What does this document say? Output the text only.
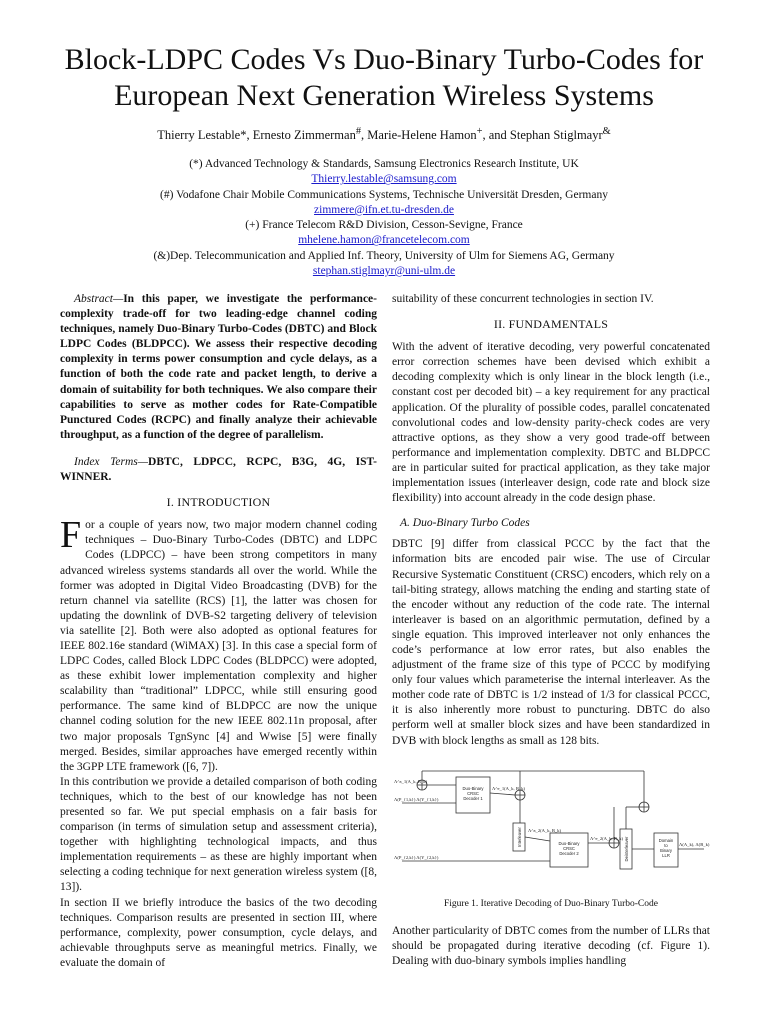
Block-LDPC Codes Vs Duo-Binary Turbo-Codes for European Next Generation Wireless Systems
Thierry Lestable*, Ernesto Zimmerman#, Marie-Helene Hamon+, and Stephan Stiglmayr&
(*) Advanced Technology & Standards, Samsung Electronics Research Institute, UK
Thierry.lestable@samsung.com
(#) Vodafone Chair Mobile Communications Systems, Technische Universität Dresden, Germany
zimmere@ifn.et.tu-dresden.de
(+) France Telecom R&D Division, Cesson-Sevigne, France
mhelene.hamon@francetelecom.com
(&)Dep. Telecommunication and Applied Inf. Theory, University of Ulm for Siemens AG, Germany
stephan.stiglmayr@uni-ulm.de

Abstract—In this paper, we investigate the performance-complexity trade-off for two leading-edge channel coding techniques, namely Duo-Binary Turbo-Codes (DBTC) and Block LDPC Codes (BLDPCC). We assess their respective decoding complexity in terms power consumption and cycle delays, as a function of both the code rate and packet length, to derive a domain of suitability for both techniques. We also compare their capabilities to serve as mother codes for Rate-Compatible Punctured Codes (RCPC) and finally analyze their achievable throughput, as a function of the degree of parallelism.

Index Terms—DBTC, LDPCC, RCPC, B3G, 4G, IST-WINNER.

I. INTRODUCTION
For a couple of years now, two major modern channel coding techniques – Duo-Binary Turbo-Codes (DBTC) and LDPC Codes (LDPCC) – have been strong competitors in many advanced wireless systems standards all over the world. While the former was adopted in Digital Video Broadcasting (DVB) for the return channel via satellite (RCS) [1], the latter was chosen for updating the downlink of DVB-S2 targeting delivery of television via satellite [2]. Both were also adopted as optional features for IEEE 802.16e standard (WiMAX) [3]. In this case a special form of LDPC Codes, called Block LDPC Codes (BLDPCC) were adopted, as these exhibit lower implementation complexity and higher scalability than “traditional” LDPCC, while still ensuring good performance. The same kind of BLDPCC are now the unique channel coding solution for the new IEEE 802.11n proposal, after two major proposals TgnSync [4] and Wwise [5] were finally merged. Besides, similar approaches have emerged recently within the 3GPP LTE framework ([6, 7]).

In this contribution we provide a detailed comparison of both coding techniques, which to the best of our knowledge has not been presented so far. We put special emphasis on a fair basis for comparison (in terms of simulation setup and assessment criteria), together with highlighting technological impacts, and thus implementation requirements – as these are highly important when selecting a coding technique for next generation wireless system ([8, 13]).

In section II we briefly introduce the basics of the two decoding techniques. Comparison results are presented in section III, where performance, complexity, power consumption, cycle delays, and achievable throughputs serve as meaningful metrics. Finally, we evaluate the domain of

suitability of these concurrent technologies in section IV.

II. FUNDAMENTALS

With the advent of iterative decoding, very powerful concatenated error correction schemes have been devised which exhibit a decoding complexity which is only linear in the block length (i.e., constant cost per decoded bit) – a key requirement for any practical application. Of the plurality of possible codes, parallel concatenated convolutional codes and low-density parity-check codes are very attractive options, as they show a very good trade-off between performance and implementation complexity. DBTC and BLDPCC are in particular suited for practical application, as they take major implementation issues (interleaver design, code rate and block size flexibility) into account already in the code design phase.

A. Duo-Binary Turbo Codes

DBTC [9] differ from classical PCCC by the fact that the information bits are encoded pair wise. The use of Circular Recursive Systematic Constituent (CRSC) encoders, which rely on a tail-biting strategy, allows matching the ending and starting state of the encoder without any reduction of the code rate. The internal interleaver is based on an algorithmic permutation, defined by a single equation. This improved interleaver not only enhances the code’s performance at low error rates, but also enables the adjustment of the frame size of this type of PCCC by modifying only four values which parameterise the internal interleaver. As the mother code rate of DBTC is 1/2 instead of 1/3 for classical PCCC, it is also inherently more robust to puncturing. DBTC do also perform well at smaller block sizes and have been standardized in DVB with block lengths as small as 128 bits.

Duo-Binary
CRSC
Decoder 1
Duo-Binary
CRSC
Decoder 2
Domain
to
Binary
LLR
Interleaver	Deinterleaver
Λ^a_1(A_k, B_k)
Λ(P_{1,k}) Λ(Y_{1,k})
Λ(P_{2,k}) Λ(Y_{2,k})
Λ^e_1(A_k, B_k)
Λ^a_2(A_k, B_k)
Λ^e_2(A_k, B_k)
Λ(A_k), Λ(B_k)
Figure 1. Iterative Decoding of Duo-Binary Turbo-Code

Another particularity of DBTC comes from the number of LLRs that should be propagated during iterative decoding (cf. Figure 1). Dealing with duo-binary symbols implies handling
